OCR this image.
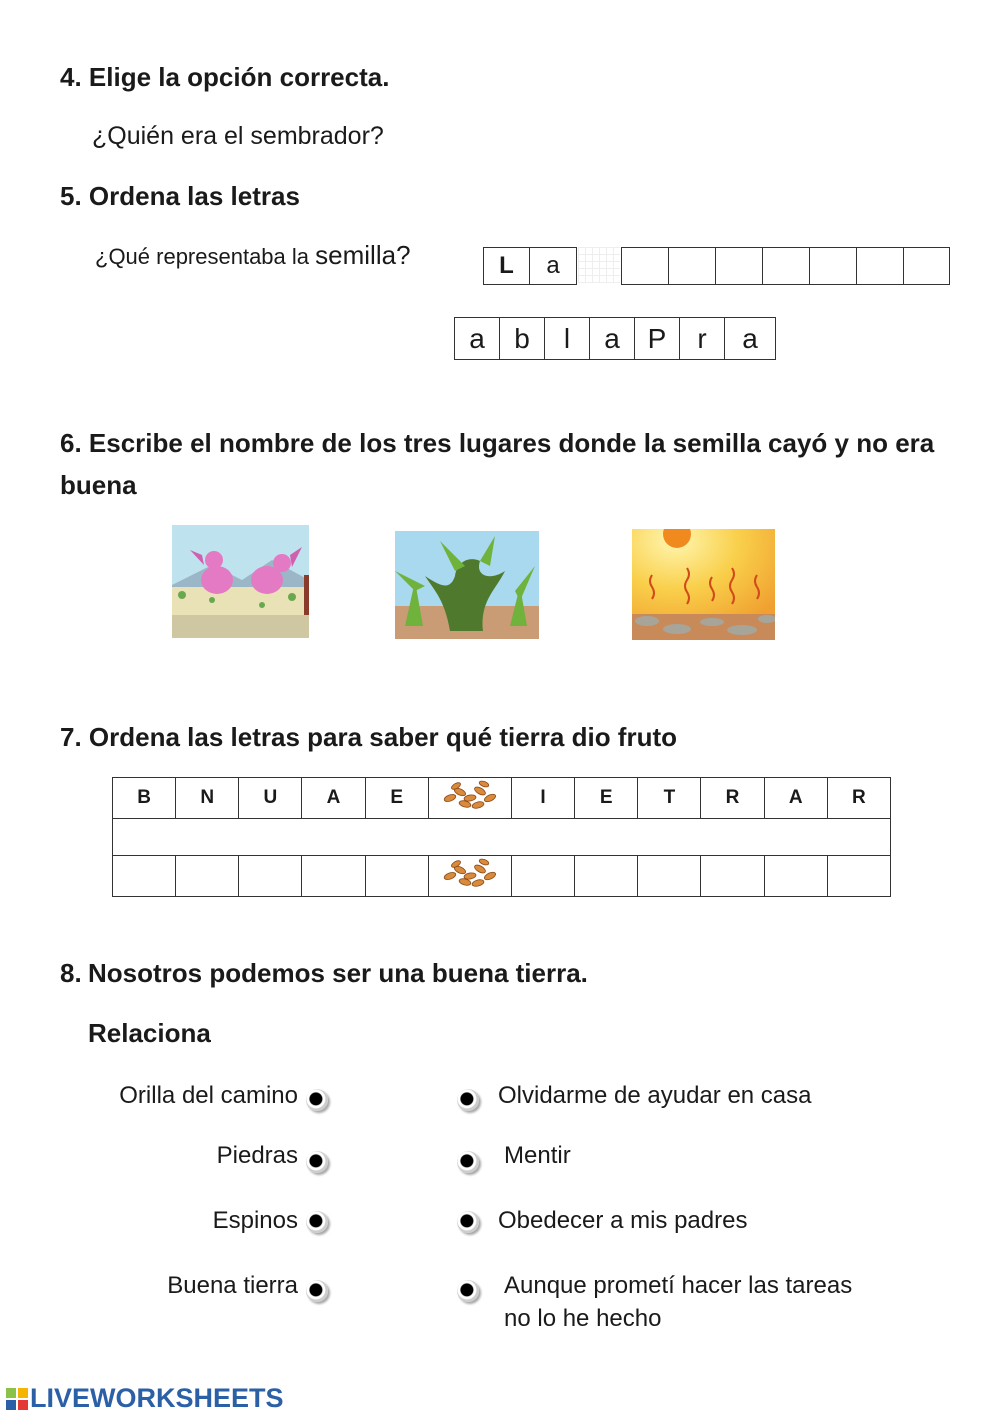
4. Elige la opción correcta.
¿Quién era el sembrador?
5. Ordena las letras
¿Qué representaba la semilla?	L	a
a	b	l	a P	r	a
6. Escribe el nombre de los tres lugares donde la semilla cayó y no era
buena
7. Ordena las letras para saber qué tierra dio fruto
B	N	U	A	E		I	E	T	R	A	R

8. Nosotros podemos ser una buena tierra.
Relaciona
Orilla del camino
Piedras
Espinos
Buena tierra
Olvidarme de ayudar en casa
Mentir
Obedecer a mis padres
Aunque prometí hacer las tareas
no lo he hecho
LIVEWORKSHEETS
